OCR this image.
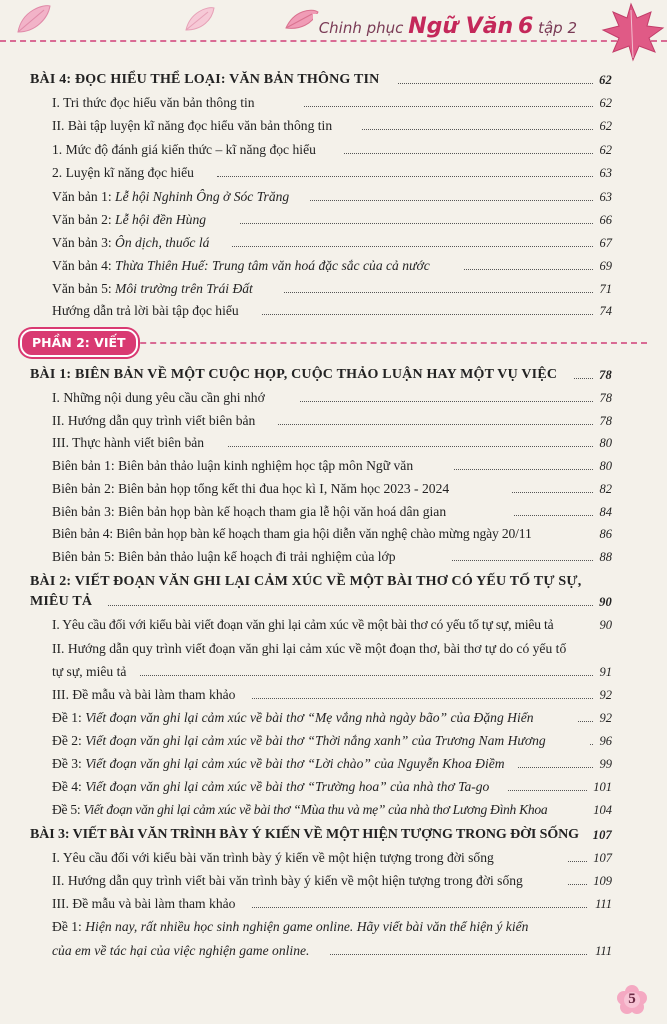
Chinh phục Ngữ Văn 6 tập 2
BÀI 4: ĐỌC HIỂU THỂ LOẠI: VĂN BẢN THÔNG TIN	62
I. Tri thức đọc hiểu văn bản thông tin	62
II. Bài tập luyện kĩ năng đọc hiểu văn bản thông tin	62
1. Mức độ đánh giá kiến thức – kĩ năng đọc hiểu	62
2. Luyện kĩ năng đọc hiểu	63
Văn bản 1: Lễ hội Nghinh Ông ở Sóc Trăng	63
Văn bản 2: Lễ hội đền Hùng	66
Văn bản 3: Ôn dịch, thuốc lá	67
Văn bản 4: Thừa Thiên Huế: Trung tâm văn hoá đặc sắc của cả nước	69
Văn bản 5: Môi trường trên Trái Đất	71
Hướng dẫn trả lời bài tập đọc hiểu	74
PHẦN 2: VIẾT
BÀI 1: BIÊN BẢN VỀ MỘT CUỘC HỌP, CUỘC THẢO LUẬN HAY MỘT VỤ VIỆC	78
I. Những nội dung yêu cầu cần ghi nhớ	78
II. Hướng dẫn quy trình viết biên bản	78
III. Thực hành viết biên bản	80
Biên bản 1: Biên bản thảo luận kinh nghiệm học tập môn Ngữ văn	80
Biên bản 2: Biên bản họp tổng kết thi đua học kì I, Năm học 2023 - 2024	82
Biên bản 3: Biên bản họp bàn kế hoạch tham gia lễ hội văn hoá dân gian	84
Biên bản 4: Biên bản họp bàn kế hoạch tham gia hội diễn văn nghệ chào mừng ngày 20/11	86
Biên bản 5: Biên bản thảo luận kế hoạch đi trải nghiệm của lớp	88
BÀI 2: VIẾT ĐOẠN VĂN GHI LẠI CẢM XÚC VỀ MỘT BÀI THƠ CÓ YẾU TỐ TỰ SỰ,
MIÊU TẢ	90
I. Yêu cầu đối với kiểu bài viết đoạn văn ghi lại cảm xúc về một bài thơ có yếu tố tự sự, miêu tả	90
II. Hướng dẫn quy trình viết đoạn văn ghi lại cảm xúc về một đoạn thơ, bài thơ tự do có yếu tố
tự sự, miêu tả	91
III. Đề mẫu và bài làm tham khảo	92
Đề 1: Viết đoạn văn ghi lại cảm xúc về bài thơ “Mẹ vắng nhà ngày bão” của Đặng Hiển	92
Đề 2: Viết đoạn văn ghi lại cảm xúc về bài thơ “Thời nắng xanh” của Trương Nam Hương	96
Đề 3: Viết đoạn văn ghi lại cảm xúc về bài thơ “Lời chào” của Nguyễn Khoa Điềm	99
Đề 4: Viết đoạn văn ghi lại cảm xúc về bài thơ “Trường hoa” của nhà thơ Ta-go	101
Đề 5: Viết đoạn văn ghi lại cảm xúc về bài thơ “Mùa thu và mẹ” của nhà thơ Lương Đình Khoa	104
BÀI 3: VIẾT BÀI VĂN TRÌNH BÀY Ý KIẾN VỀ MỘT HIỆN TƯỢNG TRONG ĐỜI SỐNG 107
I. Yêu cầu đối với kiểu bài văn trình bày ý kiến về một hiện tượng trong đời sống	107
II. Hướng dẫn quy trình viết bài văn trình bày ý kiến về một hiện tượng trong đời sống	109
III. Đề mẫu và bài làm tham khảo	111
Đề 1: Hiện nay, rất nhiều học sinh nghiện game online. Hãy viết bài văn thể hiện ý kiến
của em về tác hại của việc nghiện game online.	111
5
